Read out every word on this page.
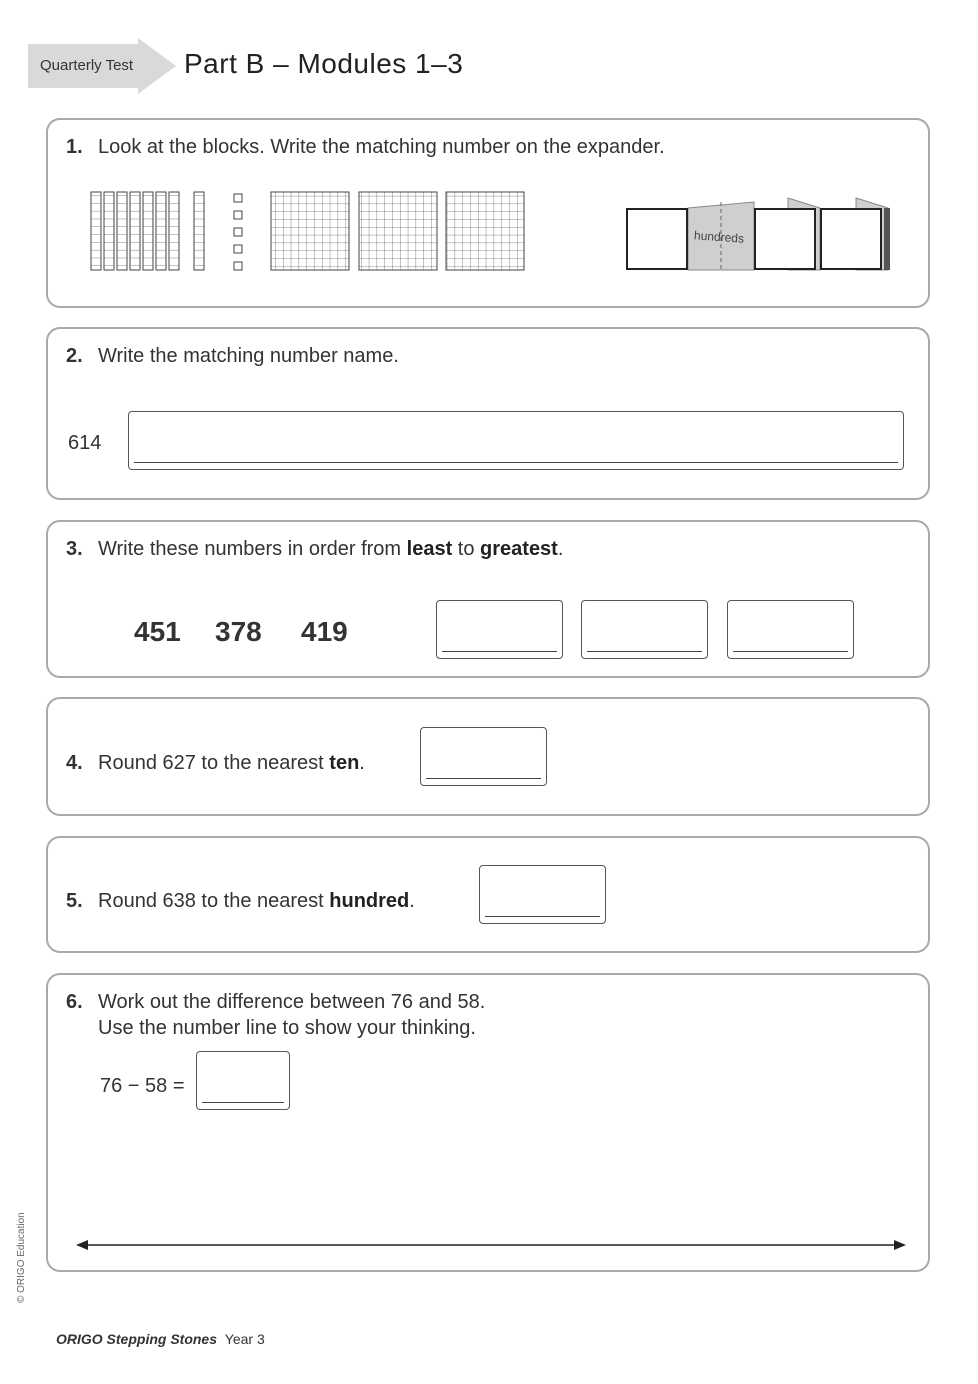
Quarterly Test Part B – Modules 1–3
1. Look at the blocks. Write the matching number on the expander.
hundreds
2. Write the matching number name.
614
3. Write these numbers in order from least to greatest.
451 378 419
4. Round 627 to the nearest ten.
5. Round 638 to the nearest hundred.
6. Work out the difference between 76 and 58.
Use the number line to show your thinking.
76 − 58 =
© ORIGO Education
ORIGO Stepping Stones Year 3
